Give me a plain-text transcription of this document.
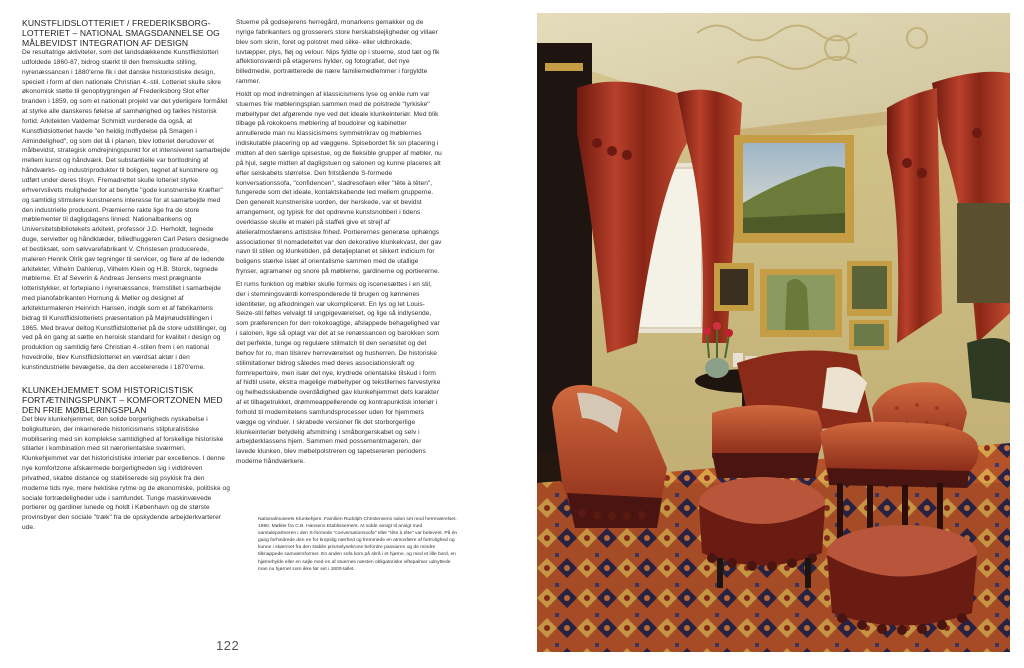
KUNSTFLIDSLOTTERIET / FREDERIKSBORG-LOTTERIET – NATIONAL SMAGSDANNELSE OG MÅLBEVIDST INTEGRATION AF DESIGN

De resultatrige aktiviteter, som det landsdækkende Kunstflidslotteri udfoldede 1860-87, bidrog stærkt til den fremskudte stilling, nyrenæssancen i 1880'erne fik i det danske historicistiske design, specielt i form af den nationale Christian 4.-stil. Lotteriet skulle sikre økonomisk støtte til genopbygningen af Frederiksborg Slot efter branden i 1859, og som et nationalt projekt var det yderligere formålet at styrke alle danskeres følelse af samhørighed og fælles historisk fortid. Arkitekten Valdemar Schmidt vurderede da også, at Kunstflidslotteriet havde "en heldig Indflydelse på Smagen i Almindelighed", og som det lå i planen, blev lotteriet derudover et målbevidst, strategisk omdrejningspunkt for et intensiveret samarbejde mellem kunst og håndværk. Det substantielle var bortlodning af håndværks- og industriprodukter til boligen, tegnet af kunstnere og udført under deres tilsyn. Fremadrettet skulle lotteriet styrke erhvervslivets muligheder for at benytte "gode kunstneriske Kræfter" og samtidig stimulere kunstnerens interesse for at samarbejde med den industrielle producent. Præmierne rakte lige fra de store møblementer til dagligdagens linned: Nationalbankens og Universitetsbibliotekets arkitekt, professor J.D. Herholdt, tegnede duge, servietter og håndklæder, billedhuggeren Carl Peters designede et bestiksæt, som sølvvarefabrikant V. Christesen producerede, maleren Henrik Olrik gav tegninger til servicer, og flere af de ledende arkitekter, Vilhelm Dahlerup, Vilhelm Klein og H.B. Storck, tegnede møblerne. Et af Severin & Andreas Jensens mest prægnante lotteristykker, et fortepiano i nyrenæssance, fremstillet i samarbejde med pianofabrikanten Hornung & Møller og designet af arkitekturmaleren Heinrich Hansen, indgik som et af fabrikantens bidrag til Kunstflidslotteriets præsentation på Møjmøudstillingen i 1865. Med bravur deltog Kunstflidslotteriet på de store udstillinger, og ved på én gang at sætte en heroisk standard for kvalitet i design og produktion og samtidig føre Christian 4.-stilen frem i en national hovedrolle, blev Kunstflidslotteriet en værdsat aktør i den kunstindustrielle bevægelse, da den accelererede i 1870'erne.

KLUNKEHJEMMET SOM HISTORICISTISK FORTÆTNINGSPUNKT – KOMFORTZONEN MED DEN FRIE MØBLERINGSPLAN

Det blev klunkehjemmet, den solide borgerligheds nyskabelse i boligkulturen, der inkarnerede historicismens stilpluralistiske mobilisering med sin komplekse samtidighed af forskellige historiske stilarter i kombination med sit nærorientalske sværmeri. Klunkehjemmet var det historicistiske interiør par excellence. I denne nye komfortzone afskærmede borgerligheden sig i vidtdreven privathed, skabte distance og stabiliserede sig psykisk fra den moderne tids nye, mere hektiske rytme og de økonomiske, politiske og sociale fortrædeligheder ude i samfundet. Tunge maskinvævede portierer og gardiner lunede og holdt i København og de største provinsbyer den sociale "træk" fra de opskydende arbejderkvarterer ude.

Stuerne på godsejerens herregård, monarkens gemakker og de nyrige fabrikanters og grosserers store herskabslejligheder og villaer blev som skrin, foret og polstret med silke- eller uldbrokade, luvtæpper, plys, fløj og velour. Nips fyldte op i stuerne, stod tæt og fik affektionsværdi på etagerens hylder, og fotografiet, det nye billedmedie, portrætterede de nære familiemedlemmer i forgyldte rammer.

Holdt op mod indretningen af klassicismens lyse og enkle rum var stuernes frie møbleringsplan sammen med de polstrede "tyrkiske" møbeltyper det afgørende nye ved det ideale klunkeinteriør. Med blik tilbage på rokokoens møblering af boudoirer og kabinetter annullerede man nu klassicismens symmetrikrav og møblernes indiskutable placering op ad væggene. Spisebordet fik sin placering i midten af den særlige spisestue, og de fleksible grupper af møbler, nu på hjul, søgte midten af dagligstuen og salonen og kunne placeres alt efter selskabets størrelse. Den fritstående S-formede konversationssofa, "confidencen", sladresofaen eller "tête à têten", fungerede som det ideale, kontaktskabende led mellem grupperne. Den generelt kunstneriske uorden, der herskede, var et bevidst arrangement, og typisk for det opdrevne kunstsnobberi i tidens overklasse skulle et maleri på staffeli give et strejf af atelieratmosfærens artistiske frihed. Portierernes generøse ophængs associationer til nomadeteltet var den dekorative klunkekvast, der gav navn til stilen og klunketiden, på detaljeplanet et sikkert indicium for boligens stærke islæt af orientalisme sammen med de utallige frynser, agramaner og snore på møblerne, gardinerne og portiererne.

Et rums funktion og møbler skulle formes og iscenesættes i en stil, der i stemningsværdi korresponderede til brugen og kønnenes identiteter, og afkodningen var ukompliceret. En lys og let Louis-Seize-stil føltes velvalgt til ungpigeværelset, og lige så indlysende, som præferencen for den rokokoagtige, afslappede behagelighed var i salonen, lige så oplagt var det at se renæssancen og barokken som det perfekte, tunge og regulære stilmatch til den seriøsitet og det behov for ro, man tilskrev herreværelset og husherren. De historiske stilimitationer bidrog således med deres associationskraft og formrepertoire, men især det nye, krydrede orientalske tilskud i form af hidtil usete, ekstra magelige møbeltyper og tekstilernes farvestyrke og helhedsskabende overdådighed gav klunkehjemmet dets karakter af et tilbagetrukket, drømmeappellerende og kontrapunktisk interiør i forhold til modernitetens samfundsprocesser uden for hjemmets vægge og vinduer. I skrabede versioner fik det storborgerlige klunkeinteriør betydelig afsmitning i småborgerskabet og selv i arbejderklassens hjem. Sammen med possementmageren, der lavede klunken, blev møbelpolstreren og tapetsereren periodens moderne håndværkere.

Nationalmuseets Klunkehjem. Familien Rudolph Christensens salon set mod herreværelset. 1890. Møbler fra C.B. Hansens Etablissement. At sidde ansigt til ansigt med samtalepartneren i den S-formede "conversationssofa" eller "tête à tête" var belevent. På én gang forhindrede den en for kropslig nærhed og fremmede en atmosfære af fortrolighed og kunne i skærmet fra den stabile prismelysekrone befordre passiaren og de mindre tilknappede samværsformer. En anden sofa kom på skrå i et hjørne, og med et lille bord, en hjørnehylde eller en søjle med en af stuernes næsten obligatoriske viftepalmer udnyttede man nu hjørnet som ikke før set i 1800-tallet.
122
